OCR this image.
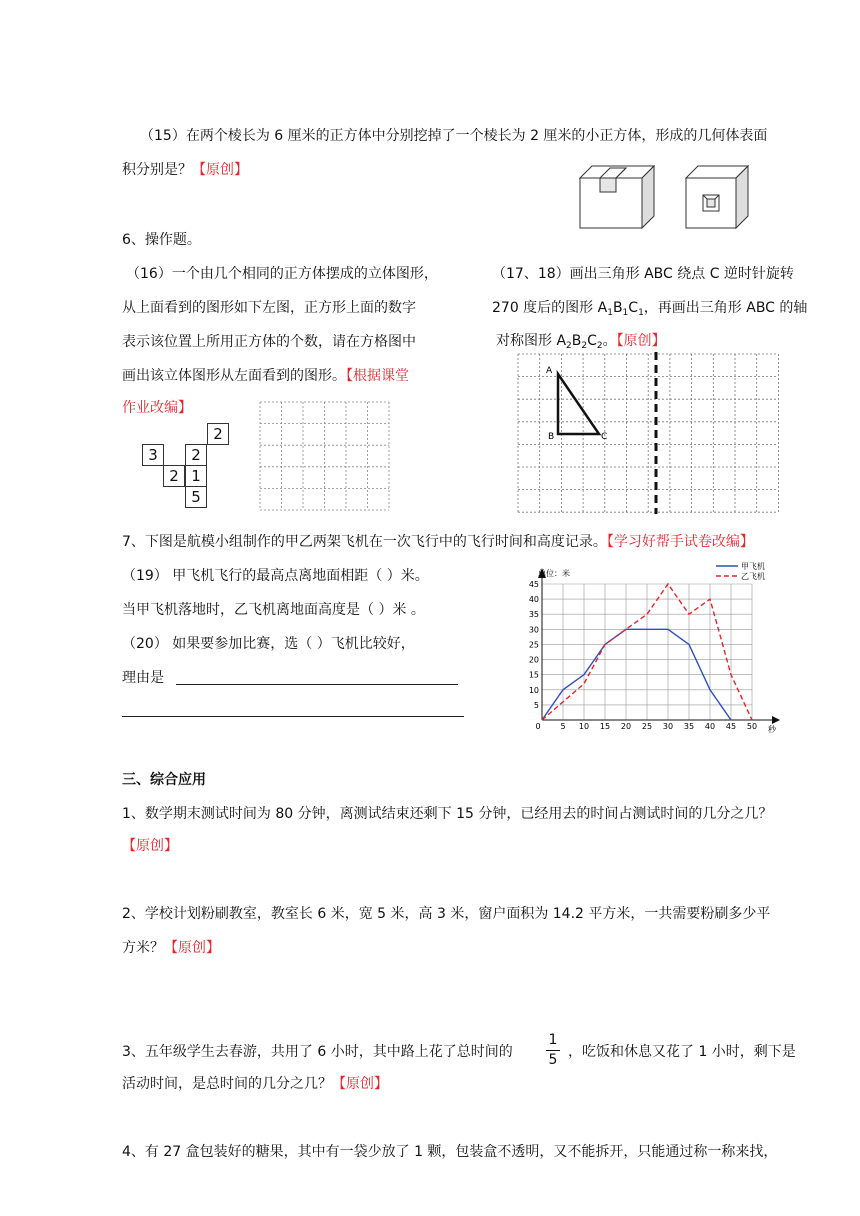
（15）在两个棱长为 6 厘米的正方体中分别挖掉了一个棱长为 2 厘米的小正方体，形成的几何体表面
积分别是？【原创】
6、操作题。
（16）一个由几个相同的正方体摆成的立体图形，
从上面看到的图形如下左图，正方形上面的数字
表示该位置上所用正方体的个数，请在方格图中
画出该立体图形从左面看到的图形。【根据课堂
作业改编】
2
3	2
2 1
5
（17、18）画出三角形 ABC 绕点 C 逆时针旋转
270 度后的图形 $A_1B_1C_1$，再画出三角形 ABC 的轴
对称图形 $A_2B_2C_2$。【原创】
A
B	C
7、下图是航模小组制作的甲乙两架飞机在一次飞行中的飞行时间和高度记录。【学习好帮手试卷改编】
（19） 甲飞机飞行的最高点离地面相距（ ）米。
当甲飞机落地时，乙飞机离地面高度是（ ）米 。
（20） 如果要参加比赛，选（ ）飞机比较好，
理由是
0 5 10 15 20 25 30 35 40 45 50
5
10
15
20
25
30
35
40
45
单位：米
秒
甲飞机
乙飞机
三、综合应用
1、数学期末测试时间为 80 分钟，离测试结束还剩下 15 分钟，已经用去的时间占测试时间的几分之几？
【原创】
2、学校计划粉刷教室，教室长 6 米，宽 5 米，高 3 米，窗户面积为 14.2 平方米，一共需要粉刷多少平
方米？【原创】
3、五年级学生去春游，共用了 6 小时，其中路上花了总时间的
1
5 ，吃饭和休息又花了 1 小时，剩下是
活动时间，是总时间的几分之几？【原创】
4、有 27 盒包装好的糖果，其中有一袋少放了 1 颗，包装盒不透明，又不能拆开，只能通过称一称来找，
